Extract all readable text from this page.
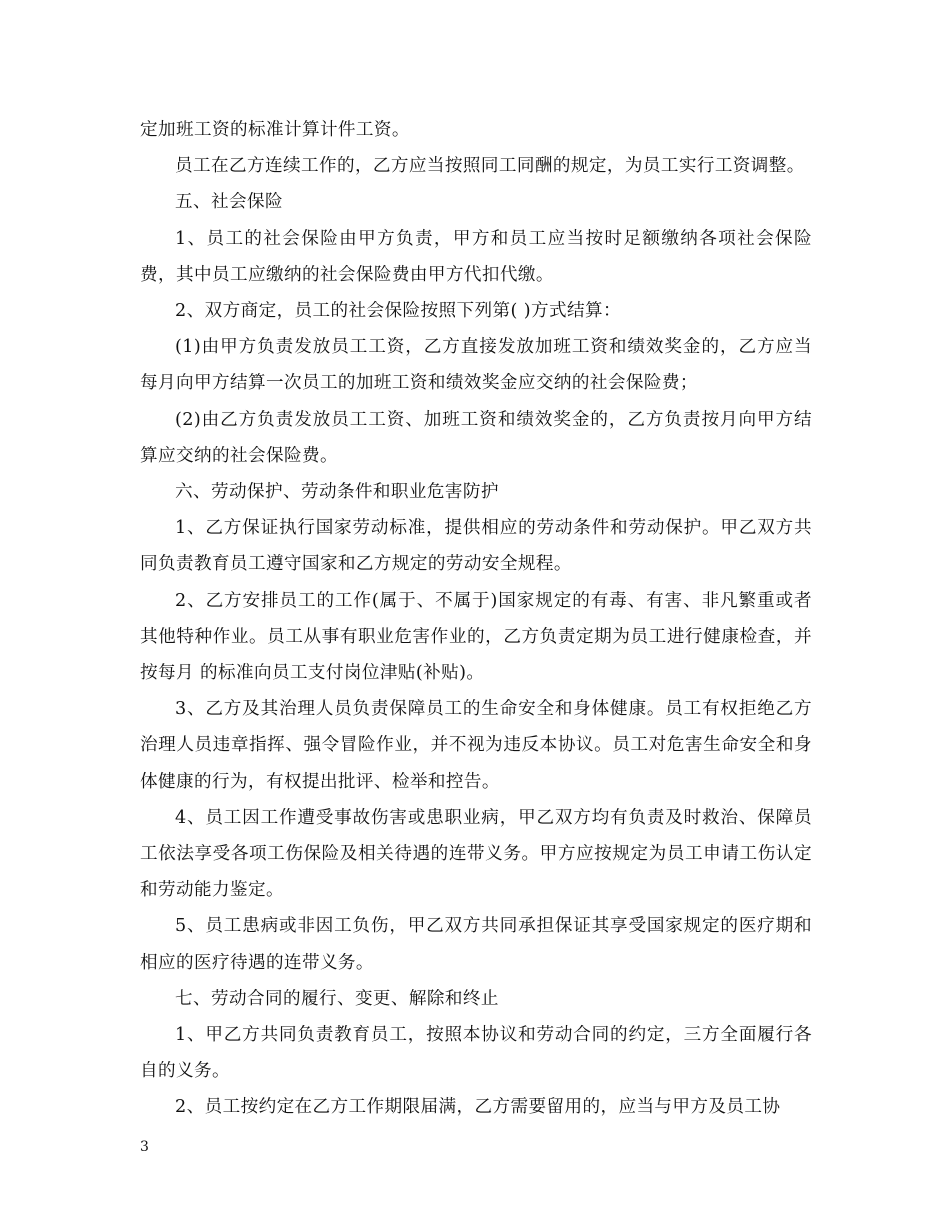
定加班工资的标准计算计件工资。

员工在乙方连续工作的，乙方应当按照同工同酬的规定，为员工实行工资调整。

五、社会保险

1、员工的社会保险由甲方负责，甲方和员工应当按时足额缴纳各项社会保险费，其中员工应缴纳的社会保险费由甲方代扣代缴。

2、双方商定，员工的社会保险按照下列第( )方式结算：

(1)由甲方负责发放员工工资，乙方直接发放加班工资和绩效奖金的，乙方应当每月向甲方结算一次员工的加班工资和绩效奖金应交纳的社会保险费；

(2)由乙方负责发放员工工资、加班工资和绩效奖金的，乙方负责按月向甲方结算应交纳的社会保险费。

六、劳动保护、劳动条件和职业危害防护

1、乙方保证执行国家劳动标准，提供相应的劳动条件和劳动保护。甲乙双方共同负责教育员工遵守国家和乙方规定的劳动安全规程。

2、乙方安排员工的工作(属于、不属于)国家规定的有毒、有害、非凡繁重或者其他特种作业。员工从事有职业危害作业的，乙方负责定期为员工进行健康检查，并按每月 的标准向员工支付岗位津贴(补贴)。

3、乙方及其治理人员负责保障员工的生命安全和身体健康。员工有权拒绝乙方治理人员违章指挥、强令冒险作业，并不视为违反本协议。员工对危害生命安全和身体健康的行为，有权提出批评、检举和控告。

4、员工因工作遭受事故伤害或患职业病，甲乙双方均有负责及时救治、保障员工依法享受各项工伤保险及相关待遇的连带义务。甲方应按规定为员工申请工伤认定和劳动能力鉴定。

5、员工患病或非因工负伤，甲乙双方共同承担保证其享受国家规定的医疗期和相应的医疗待遇的连带义务。

七、劳动合同的履行、变更、解除和终止

1、甲乙方共同负责教育员工，按照本协议和劳动合同的约定，三方全面履行各自的义务。

2、员工按约定在乙方工作期限届满，乙方需要留用的，应当与甲方及员工协

3
